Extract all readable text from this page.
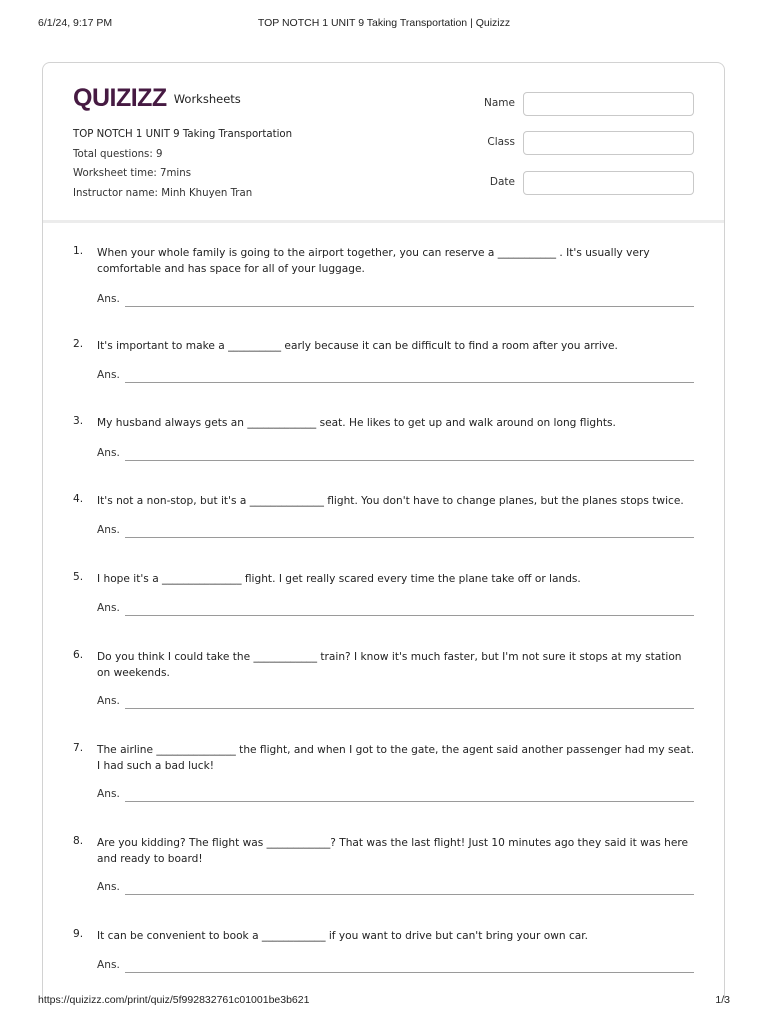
6/1/24, 9:17 PM	TOP NOTCH 1 UNIT 9 Taking Transportation | Quizizz
QUIZIZZ Worksheets
TOP NOTCH 1 UNIT 9 Taking Transportation
Total questions: 9
Worksheet time: 7mins
Instructor name: Minh Khuyen Tran
Name
Class
Date
1.	When your whole family is going to the airport together, you can reserve a ___________ . It's usually very comfortable and has space for all of your luggage.
Ans.
2.	It's important to make a __________ early because it can be difficult to find a room after you arrive.
Ans.
3.	My husband always gets an _____________ seat. He likes to get up and walk around on long flights.
Ans.
4.	It's not a non-stop, but it's a ______________ flight. You don't have to change planes, but the planes stops twice.
Ans.
5.	I hope it's a _______________ flight. I get really scared every time the plane take off or lands.
Ans.
6.	Do you think I could take the ____________ train? I know it's much faster, but I'm not sure it stops at my station on weekends.
Ans.
7.	The airline _______________ the flight, and when I got to the gate, the agent said another passenger had my seat. I had such a bad luck!
Ans.
8.	Are you kidding? The flight was ____________? That was the last flight! Just 10 minutes ago they said it was here and ready to board!
Ans.
9.	It can be convenient to book a ____________ if you want to drive but can't bring your own car.
Ans.
https://quizizz.com/print/quiz/5f992832761c01001be3b621	1/3
